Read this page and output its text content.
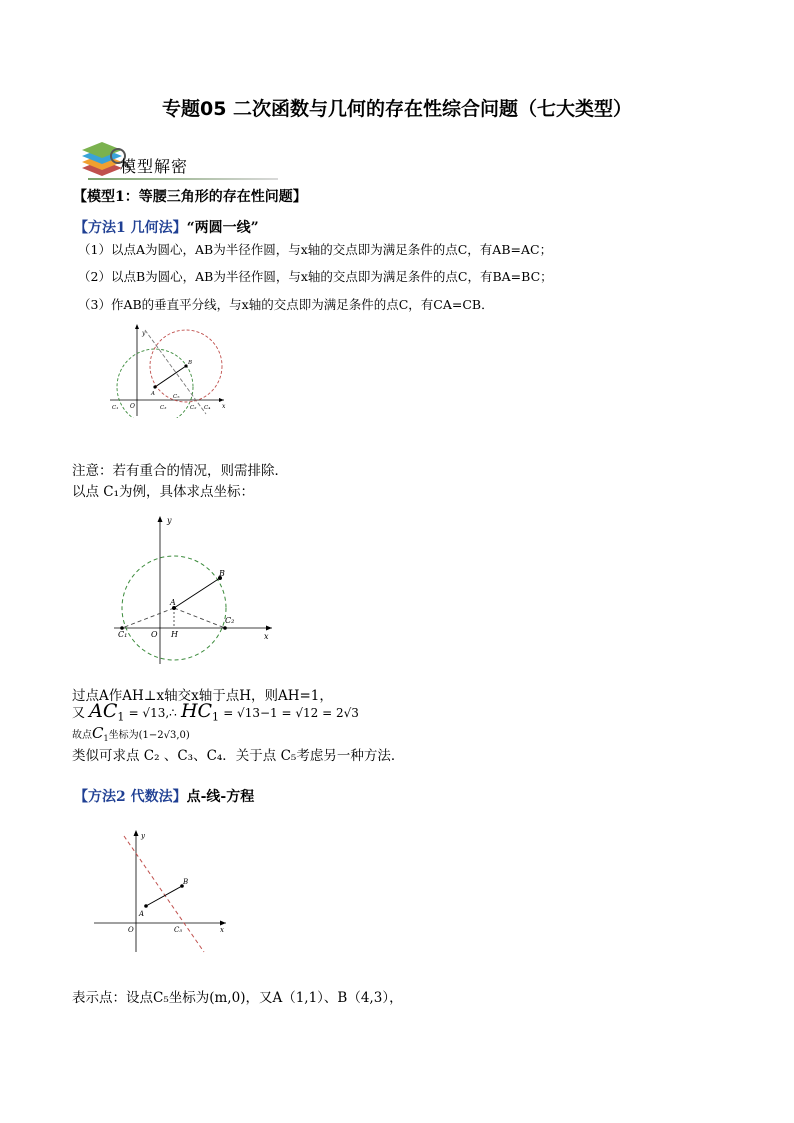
专题05 二次函数与几何的存在性综合问题（七大类型）
模型解密
【模型1：等腰三角形的存在性问题】
【方法1 几何法】“两圆一线”
（1）以点A为圆心，AB为半径作圆，与x轴的交点即为满足条件的点C，有AB=AC；
（2）以点B为圆心，AB为半径作圆，与x轴的交点即为满足条件的点C，有BA=BC；
（3）作AB的垂直平分线，与x轴的交点即为满足条件的点C，有CA=CB．
y
x
O
A
B
C₁	C₂
C₃	C₄
C₅
注意：若有重合的情况，则需排除．
以点 C₁为例，具体求点坐标：
y
x
O
A
B
H
C₁
C₂
过点A作AH⊥x轴交x轴于点H，则AH=1，
又 $AC_1$ = √13,∴ $HC_1 = √13-1 = √12 = 2√3$
故点$C_1$坐标为(1−2√3,0)
类似可求点 C₂ 、C₃、C₄．关于点 C₅考虑另一种方法．
【方法2 代数法】点-线-方程
y
x
O
A
B
C₅
表示点：设点C₅坐标为(m,0)，又A（1,1）、B（4,3），
